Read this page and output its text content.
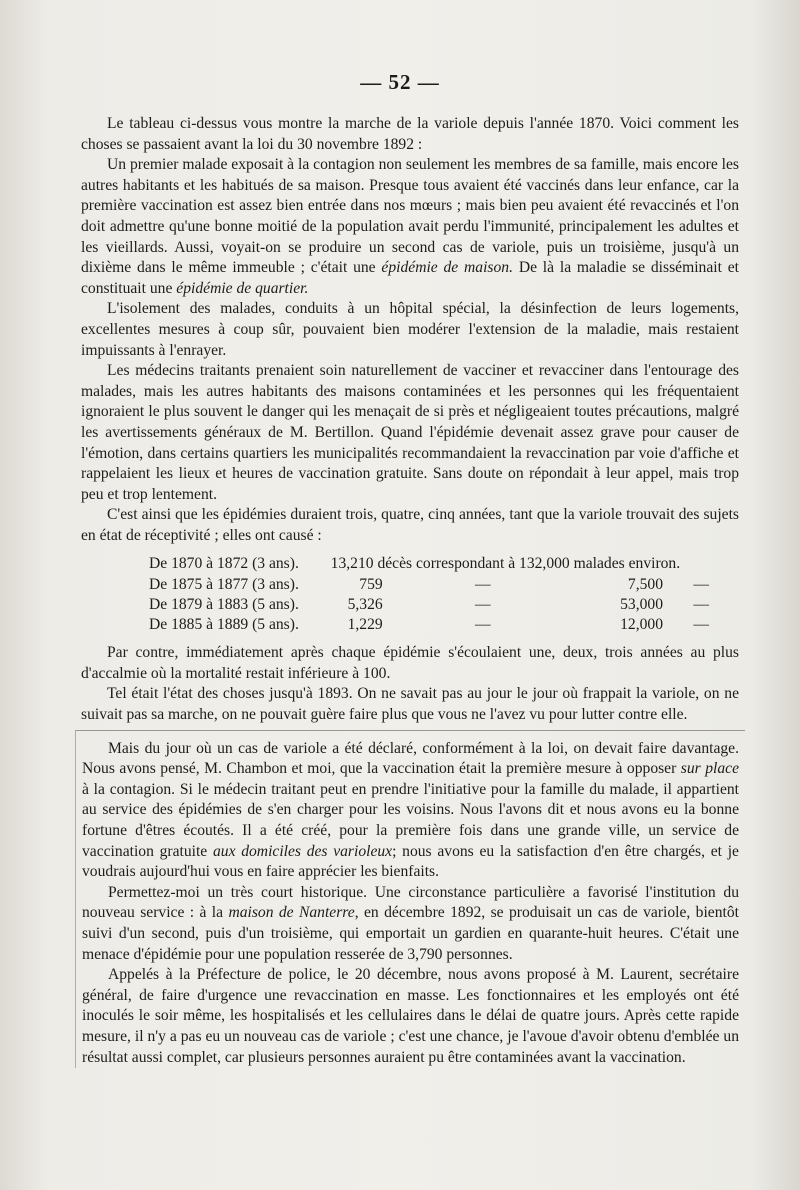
— 52 —

Le tableau ci-dessus vous montre la marche de la variole depuis l'année 1870. Voici comment les choses se passaient avant la loi du 30 novembre 1892 :

Un premier malade exposait à la contagion non seulement les membres de sa famille, mais encore les autres habitants et les habitués de sa maison. Presque tous avaient été vaccinés dans leur enfance, car la première vaccination est assez bien entrée dans nos mœurs ; mais bien peu avaient été revaccinés et l'on doit admettre qu'une bonne moitié de la population avait perdu l'immunité, principalement les adultes et les vieillards. Aussi, voyait-on se produire un second cas de variole, puis un troisième, jusqu'à un dixième dans le même immeuble ; c'était une épidémie de maison. De là la maladie se disséminait et constituait une épidémie de quartier.

L'isolement des malades, conduits à un hôpital spécial, la désinfection de leurs logements, excellentes mesures à coup sûr, pouvaient bien modérer l'extension de la maladie, mais restaient impuissants à l'enrayer.

Les médecins traitants prenaient soin naturellement de vacciner et revacciner dans l'entourage des malades, mais les autres habitants des maisons contaminées et les personnes qui les fréquentaient ignoraient le plus souvent le danger qui les menaçait de si près et négligeaient toutes précautions, malgré les avertissements généraux de M. Bertillon. Quand l'épidémie devenait assez grave pour causer de l'émotion, dans certains quartiers les municipalités recommandaient la revaccination par voie d'affiche et rappelaient les lieux et heures de vaccination gratuite. Sans doute on répondait à leur appel, mais trop peu et trop lentement.

C'est ainsi que les épidémies duraient trois, quatre, cinq années, tant que la variole trouvait des sujets en état de réceptivité ; elles ont causé :

De 1870 à 1872 (3 ans).	13,210 décès correspondant à 132,000 malades environ.			
De 1875 à 1877 (3 ans).	759	—	7,500	—
De 1879 à 1883 (5 ans).	5,326	—	53,000	—
De 1885 à 1889 (5 ans).	1,229	—	12,000	—

Par contre, immédiatement après chaque épidémie s'écoulaient une, deux, trois années au plus d'accalmie où la mortalité restait inférieure à 100.

Tel était l'état des choses jusqu'à 1893. On ne savait pas au jour le jour où frappait la variole, on ne suivait pas sa marche, on ne pouvait guère faire plus que vous ne l'avez vu pour lutter contre elle.

Mais du jour où un cas de variole a été déclaré, conformément à la loi, on devait faire davantage. Nous avons pensé, M. Chambon et moi, que la vaccination était la première mesure à opposer sur place à la contagion. Si le médecin traitant peut en prendre l'initiative pour la famille du malade, il appartient au service des épidémies de s'en charger pour les voisins. Nous l'avons dit et nous avons eu la bonne fortune d'êtres écoutés. Il a été créé, pour la première fois dans une grande ville, un service de vaccination gratuite aux domiciles des varioleux; nous avons eu la satisfaction d'en être chargés, et je voudrais aujourd'hui vous en faire apprécier les bienfaits.

Permettez-moi un très court historique. Une circonstance particulière a favorisé l'institution du nouveau service : à la maison de Nanterre, en décembre 1892, se produisait un cas de variole, bientôt suivi d'un second, puis d'un troisième, qui emportait un gardien en quarante-huit heures. C'était une menace d'épidémie pour une population resserée de 3,790 personnes.

Appelés à la Préfecture de police, le 20 décembre, nous avons proposé à M. Laurent, secrétaire général, de faire d'urgence une revaccination en masse. Les fonctionnaires et les employés ont été inoculés le soir même, les hospitalisés et les cellulaires dans le délai de quatre jours. Après cette rapide mesure, il n'y a pas eu un nouveau cas de variole ; c'est une chance, je l'avoue d'avoir obtenu d'emblée un résultat aussi complet, car plusieurs personnes auraient pu être contaminées avant la vaccination.
